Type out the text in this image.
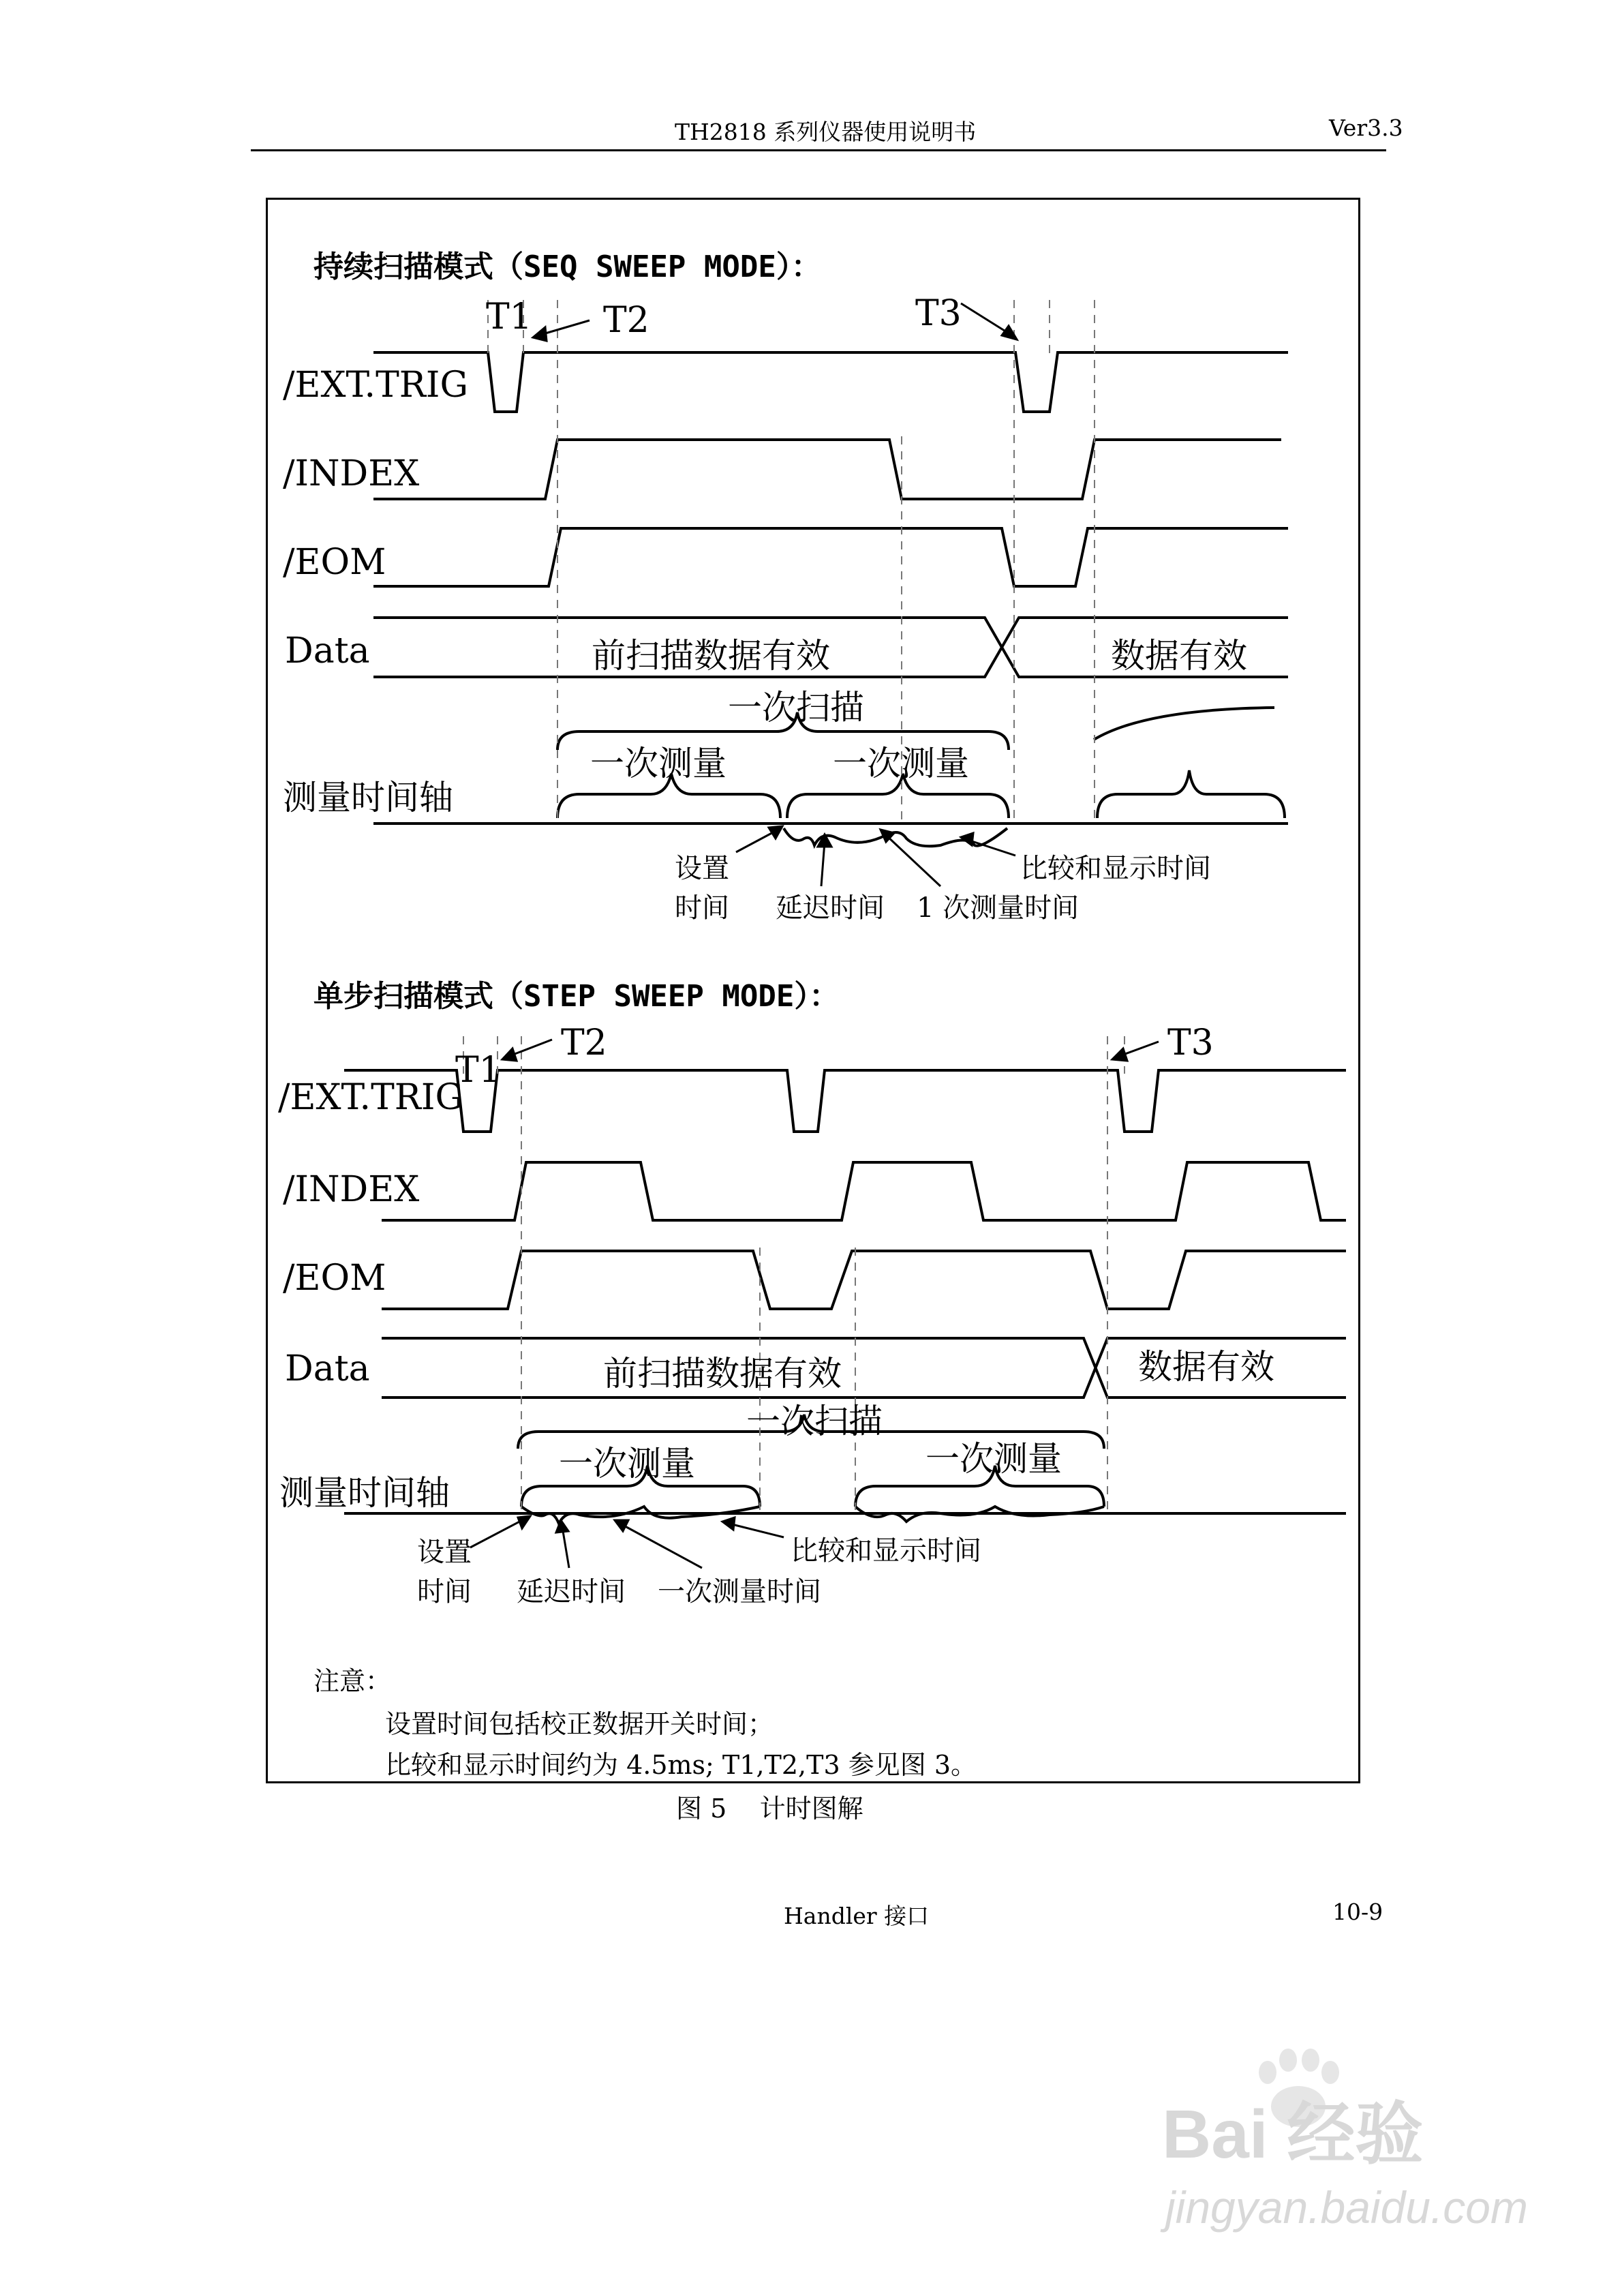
TH2818 系列仪器使用说明书	Ver3.3
持续扫描模式（SEQ SWEEP MODE）：
T1 T2	T3
/EXT.TRIG
/INDEX
/EOM
Data	前扫描数据有效	数据有效
一次扫描
一次测量	一次测量
测量时间轴
设置
时间 延迟时间 1 次测量时间
比较和显示时间
单步扫描模式（STEP SWEEP MODE）：
T1
T2	T3
/EXT.TRIG
/INDEX
/EOM
Data	前扫描数据有效	数据有效
一次扫描
一次测量	一次测量
测量时间轴
设置
时间 延迟时间 一次测量时间
比较和显示时间
注意：
设置时间包括校正数据开关时间；
比较和显示时间约为 4.5ms; T1,T2,T3 参见图 3。
图 5    计时图解
Handler 接口	10-9
Bai 经验
jingyan.baidu.com
